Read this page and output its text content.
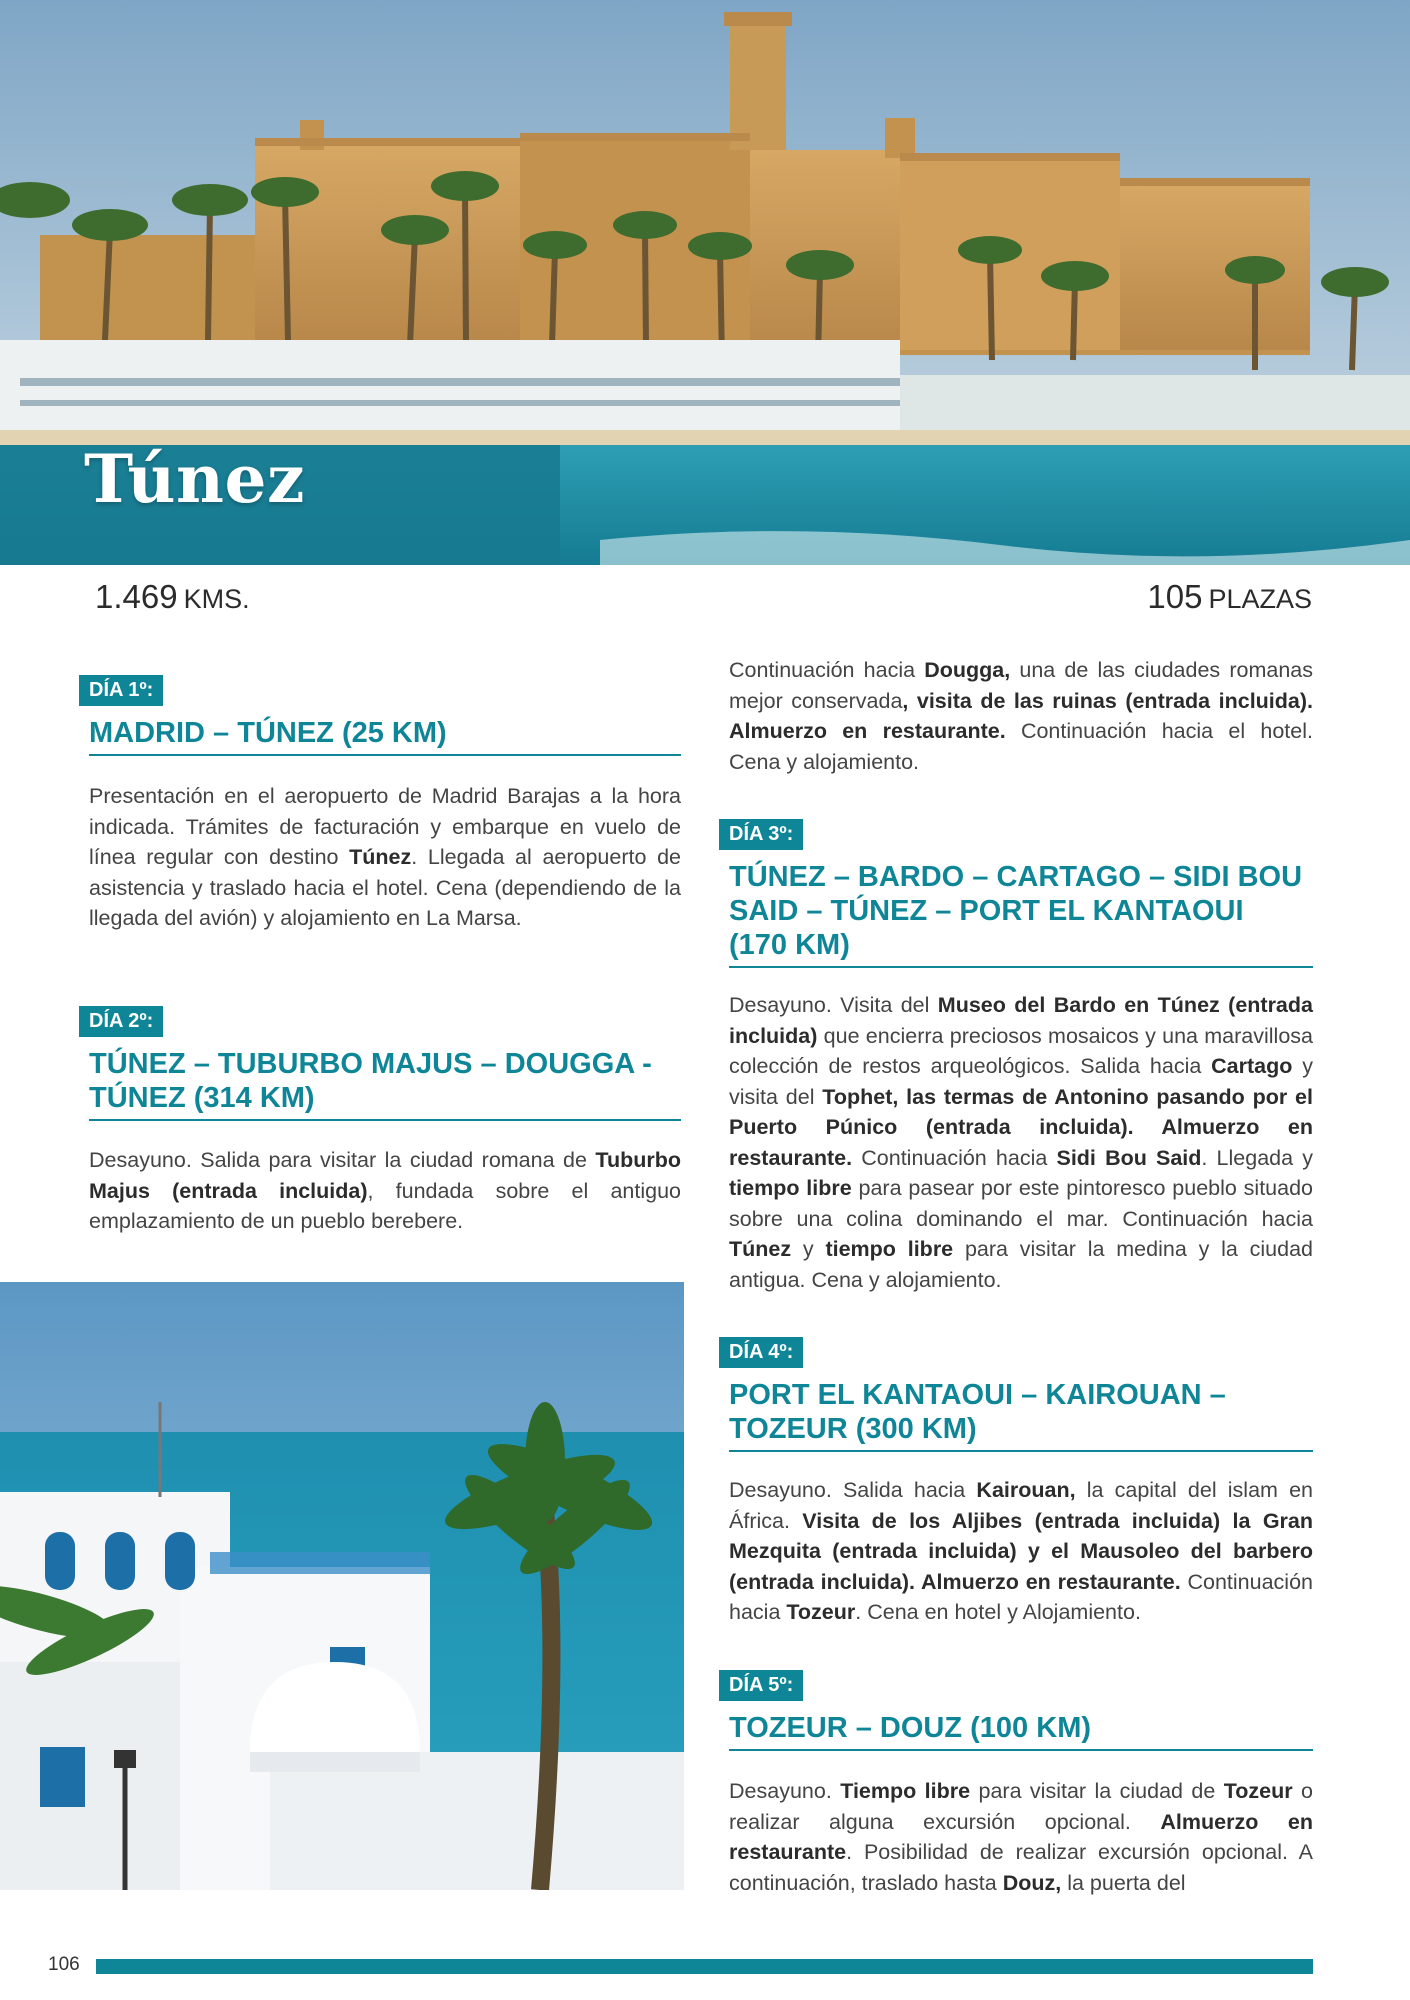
Túnez
1.469 KMS.	105 PLAZAS
DÍA 1º:
MADRID – TÚNEZ (25 KM)
Presentación en el aeropuerto de Madrid Barajas a la hora indicada. Trámites de facturación y embarque en vuelo de línea regular con destino Túnez. Llegada al aeropuerto de asistencia y traslado hacia el hotel. Cena (dependiendo de la llegada del avión) y alojamiento en La Marsa.
DÍA 2º:
TÚNEZ – TUBURBO MAJUS – DOUGGA -
TÚNEZ (314 KM)
Desayuno. Salida para visitar la ciudad romana de Tuburbo Majus (entrada incluida), fundada sobre el antiguo emplazamiento de un pueblo berebere.
Continuación hacia Dougga, una de las ciudades romanas mejor conservada, visita de las ruinas (entrada incluida). Almuerzo en restaurante. Continuación hacia el hotel. Cena y alojamiento.
DÍA 3º:
TÚNEZ – BARDO – CARTAGO – SIDI BOU
SAID – TÚNEZ – PORT EL KANTAOUI
(170 KM)
Desayuno. Visita del Museo del Bardo en Túnez (entrada incluida) que encierra preciosos mosaicos y una maravillosa colección de restos arqueológicos. Salida hacia Cartago y visita del Tophet, las termas de Antonino pasando por el Puerto Púnico (entrada incluida). Almuerzo en restaurante. Continuación hacia Sidi Bou Said. Llegada y tiempo libre para pasear por este pintoresco pueblo situado sobre una colina dominando el mar. Continuación hacia Túnez y tiempo libre para visitar la medina y la ciudad antigua. Cena y alojamiento.
DÍA 4º:
PORT EL KANTAOUI – KAIROUAN –
TOZEUR (300 KM)
Desayuno. Salida hacia Kairouan, la capital del islam en África. Visita de los Aljibes (entrada incluida) la Gran Mezquita (entrada incluida) y el Mausoleo del barbero (entrada incluida). Almuerzo en restaurante. Continuación hacia Tozeur. Cena en hotel y Alojamiento.
DÍA 5º:
TOZEUR – DOUZ (100 KM)
Desayuno. Tiempo libre para visitar la ciudad de Tozeur o realizar alguna excursión opcional. Almuerzo en restaurante. Posibilidad de realizar excursión opcional. A continuación, traslado hasta Douz, la puerta del
106
